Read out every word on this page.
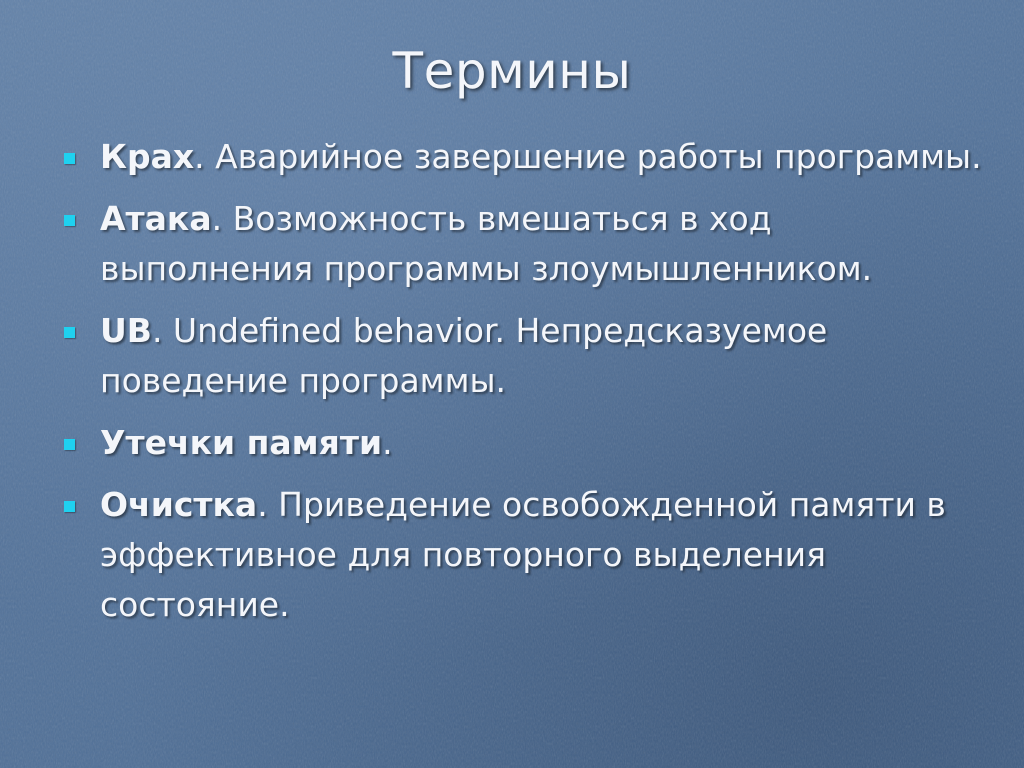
Термины
Крах. Аварийное завершение работы программы.
Атака. Возможность вмешаться в ход выполнения программы злоумышленником.
UB. Undefined behavior. Непредсказуемое поведение программы.
Утечки памяти.
Очистка. Приведение освобожденной памяти в эффективное для повторного выделения состояние.
